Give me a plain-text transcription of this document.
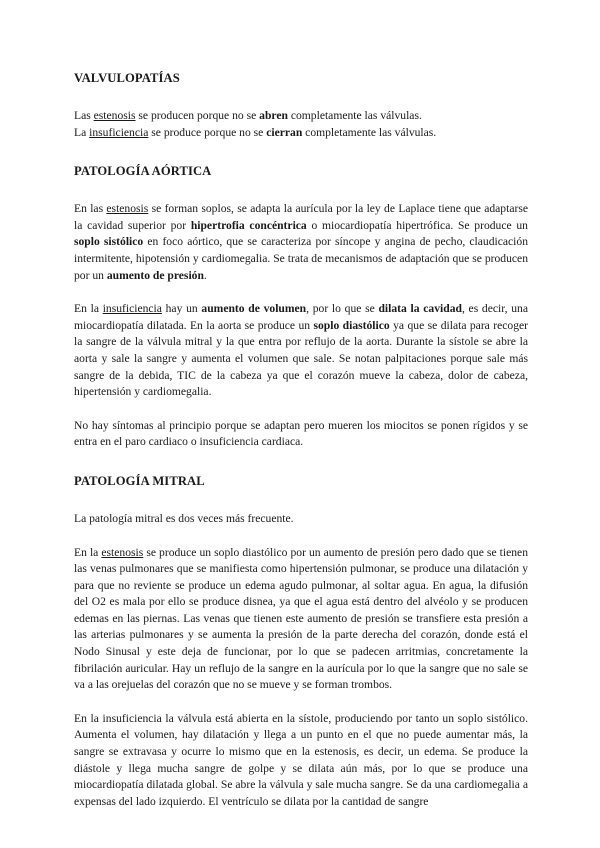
VALVULOPATÍAS

Las estenosis se producen porque no se abren completamente las válvulas.
La insuficiencia se produce porque no se cierran completamente las válvulas.

PATOLOGÍA AÓRTICA

En las estenosis se forman soplos, se adapta la aurícula por la ley de Laplace tiene que adaptarse la cavidad superior por hipertrofia concéntrica o miocardiopatía hipertrófica. Se produce un soplo sistólico en foco aórtico, que se caracteriza por síncope y angina de pecho, claudicación intermitente, hipotensión y cardiomegalia. Se trata de mecanismos de adaptación que se producen por un aumento de presión.

En la insuficiencia hay un aumento de volumen, por lo que se dilata la cavidad, es decir, una miocardiopatía dilatada. En la aorta se produce un soplo diastólico ya que se dilata para recoger la sangre de la válvula mitral y la que entra por reflujo de la aorta. Durante la sístole se abre la aorta y sale la sangre y aumenta el volumen que sale. Se notan palpitaciones porque sale más sangre de la debida, TIC de la cabeza ya que el corazón mueve la cabeza, dolor de cabeza, hipertensión y cardiomegalia.

No hay síntomas al principio porque se adaptan pero mueren los miocitos se ponen rígidos y se entra en el paro cardiaco o insuficiencia cardiaca.

PATOLOGÍA MITRAL

La patología mitral es dos veces más frecuente.

En la estenosis se produce un soplo diastólico por un aumento de presión pero dado que se tienen las venas pulmonares que se manifiesta como hipertensión pulmonar, se produce una dilatación y para que no reviente se produce un edema agudo pulmonar, al soltar agua. En agua, la difusión del O2 es mala por ello se produce disnea, ya que el agua está dentro del alvéolo y se producen edemas en las piernas. Las venas que tienen este aumento de presión se transfiere esta presión a las arterias pulmonares y se aumenta la presión de la parte derecha del corazón, donde está el Nodo Sinusal y este deja de funcionar, por lo que se padecen arritmias, concretamente la fibrilación auricular. Hay un reflujo de la sangre en la aurícula por lo que la sangre que no sale se va a las orejuelas del corazón que no se mueve y se forman trombos.

En la insuficiencia la válvula está abierta en la sístole, produciendo por tanto un soplo sistólico. Aumenta el volumen, hay dilatación y llega a un punto en el que no puede aumentar más, la sangre se extravasa y ocurre lo mismo que en la estenosis, es decir, un edema. Se produce la diástole y llega mucha sangre de golpe y se dilata aún más, por lo que se produce una miocardiopatía dilatada global. Se abre la válvula y sale mucha sangre. Se da una cardiomegalia a expensas del lado izquierdo. El ventrículo se dilata por la cantidad de sangre
